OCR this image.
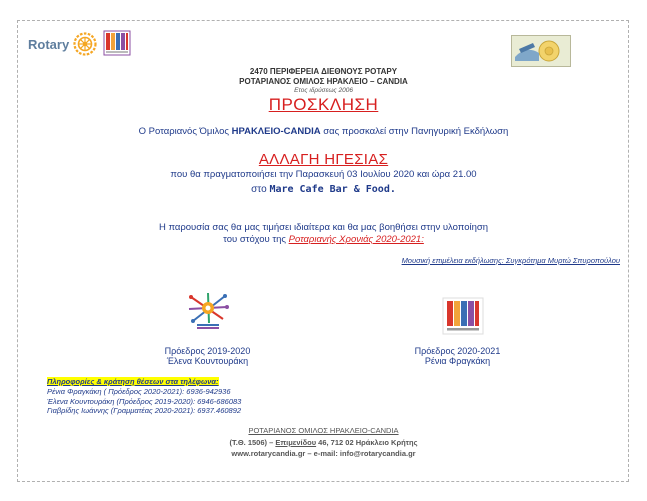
Rotary
2470 ΠΕΡΙΦΕΡΕΙΑ ΔΙΕΘΝΟΥΣ ΡΟΤΑΡΥ
ΡΟΤΑΡΙΑΝΟΣ ΟΜΙΛΟΣ ΗΡΑΚΛΕΙΟ – CANDIA
Ετος ιδρύσεως 2006
ΠΡΟΣΚΛΗΣΗ
Ο Ροταριανός Όμιλος ΗΡΑΚΛΕΙΟ-CANDIA σας προσκαλεί στην Πανηγυρική Εκδήλωση
ΑΛΛΑΓΗ ΗΓΕΣΙΑΣ
που θα πραγματοποιήσει την Παρασκευή 03 Ιουλίου 2020 και ώρα 21.00
στο Mare Cafe Bar & Food.
Η παρουσία σας θα μας τιμήσει ιδιαίτερα και θα μας βοηθήσει στην υλοποίηση
του στόχου της Ροταριανής Χρονιάς 2020-2021:
Μουσική επιμέλεια εκδήλωσης: Συγκρότημα Μυρτώ Σπυροπούλου
Πρόεδρος 2019-2020
Έλενα Κουντουράκη
Πρόεδρος 2020-2021
Ρένια Φραγκάκη
Πληροφορίες & κράτηση θέσεων στα τηλέφωνα:
Ρένια Φραγκάκη ( Πρόεδρος 2020-2021): 6936-942936
Έλενα Κουντουράκη (Πρόεδρος 2019-2020): 6946-686083
Γιαβρίδης Ιωάννης (Γραμματέας 2020-2021): 6937.460892
ΡΟΤΑΡΙΑΝΟΣ ΟΜΙΛΟΣ ΗΡΑΚΛΕΙΟ-CANDIA
(Τ.Θ. 1506) – Επιμενίδου 46, 712 02 Ηράκλειο Κρήτης
www.rotarycandia.gr – e-mail: info@rotarycandia.gr
